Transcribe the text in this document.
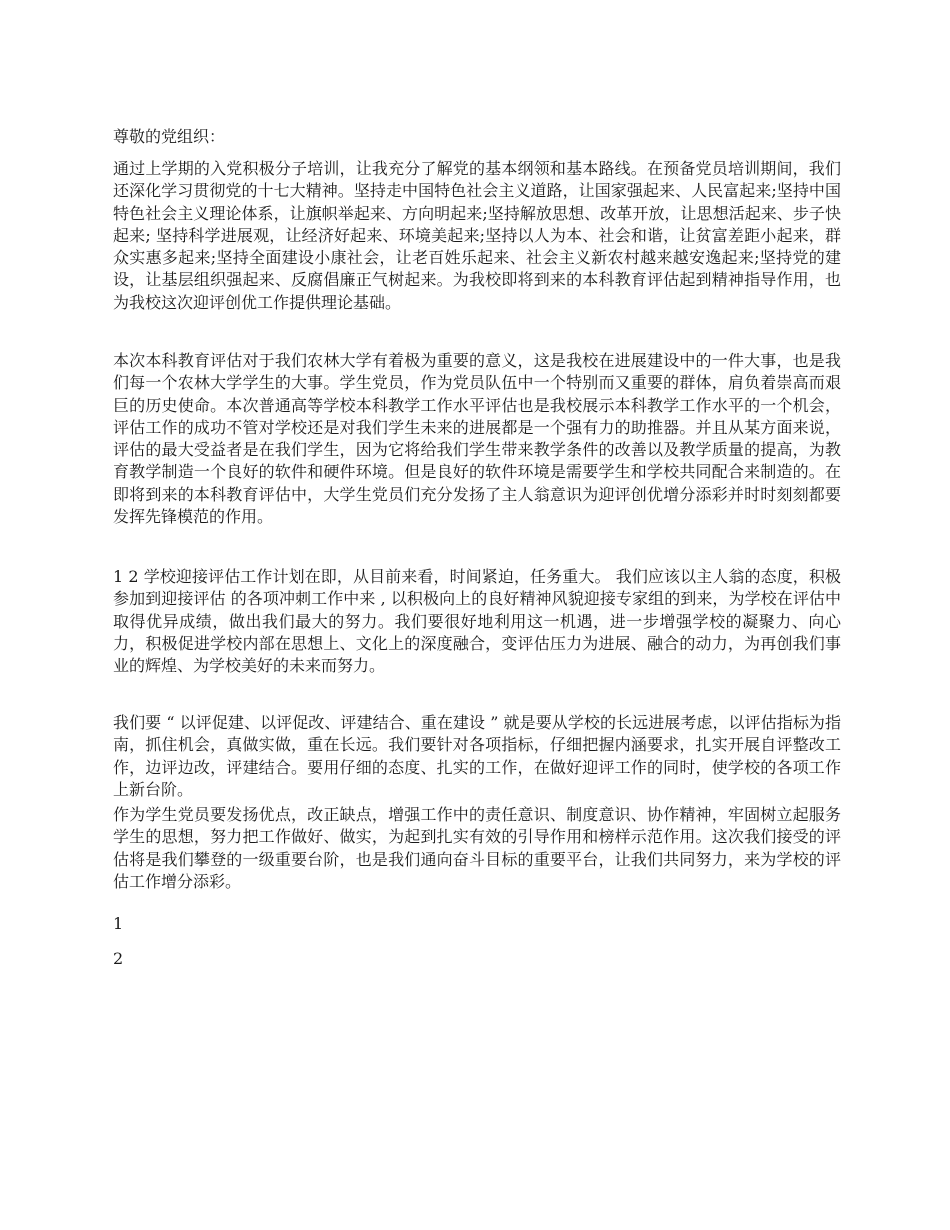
尊敬的党组织：

通过上学期的入党积极分子培训，让我充分了解党的基本纲领和基本路线。在预备党员培训期间，我们还深化学习贯彻党的十七大精神。坚持走中国特色社会主义道路，让国家强起来、人民富起来;坚持中国特色社会主义理论体系，让旗帜举起来、方向明起来;坚持解放思想、改革开放，让思想活起来、步子快起来; 坚持科学进展观，让经济好起来、环境美起来;坚持以人为本、社会和谐，让贫富差距小起来，群众实惠多起来;坚持全面建设小康社会，让老百姓乐起来、社会主义新农村越来越安逸起来;坚持党的建设，让基层组织强起来、反腐倡廉正气树起来。为我校即将到来的本科教育评估起到精神指导作用，也为我校这次迎评创优工作提供理论基础。

本次本科教育评估对于我们农林大学有着极为重要的意义，这是我校在进展建设中的一件大事，也是我们每一个农林大学学生的大事。学生党员，作为党员队伍中一个特别而又重要的群体，肩负着崇高而艰巨的历史使命。本次普通高等学校本科教学工作水平评估也是我校展示本科教学工作水平的一个机会，评估工作的成功不管对学校还是对我们学生未来的进展都是一个强有力的助推器。并且从某方面来说，评估的最大受益者是在我们学生，因为它将给我们学生带来教学条件的改善以及教学质量的提高，为教育教学制造一个良好的软件和硬件环境。但是良好的软件环境是需要学生和学校共同配合来制造的。在即将到来的本科教育评估中，大学生党员们充分发扬了主人翁意识为迎评创优增分添彩并时时刻刻都要发挥先锋模范的作用。

1 2 学校迎接评估工作计划在即，从目前来看，时间紧迫，任务重大。 我们应该以主人翁的态度，积极参加到迎接评估 的各项冲刺工作中来 , 以积极向上的良好精神风貌迎接专家组的到来，为学校在评估中取得优异成绩，做出我们最大的努力。我们要很好地利用这一机遇，进一步增强学校的凝聚力、向心力，积极促进学校内部在思想上、文化上的深度融合，变评估压力为进展、融合的动力，为再创我们事业的辉煌、为学校美好的未来而努力。

我们要 “ 以评促建、以评促改、评建结合、重在建设 ” 就是要从学校的长远进展考虑，以评估指标为指南，抓住机会，真做实做，重在长远。我们要针对各项指标，仔细把握内涵要求，扎实开展自评整改工作，边评边改，评建结合。要用仔细的态度、扎实的工作，在做好迎评工作的同时，使学校的各项工作上新台阶。

作为学生党员要发扬优点，改正缺点，增强工作中的责任意识、制度意识、协作精神，牢固树立起服务学生的思想，努力把工作做好、做实，为起到扎实有效的引导作用和榜样示范作用。这次我们接受的评估将是我们攀登的一级重要台阶，也是我们通向奋斗目标的重要平台，让我们共同努力，来为学校的评估工作增分添彩。

1

2
